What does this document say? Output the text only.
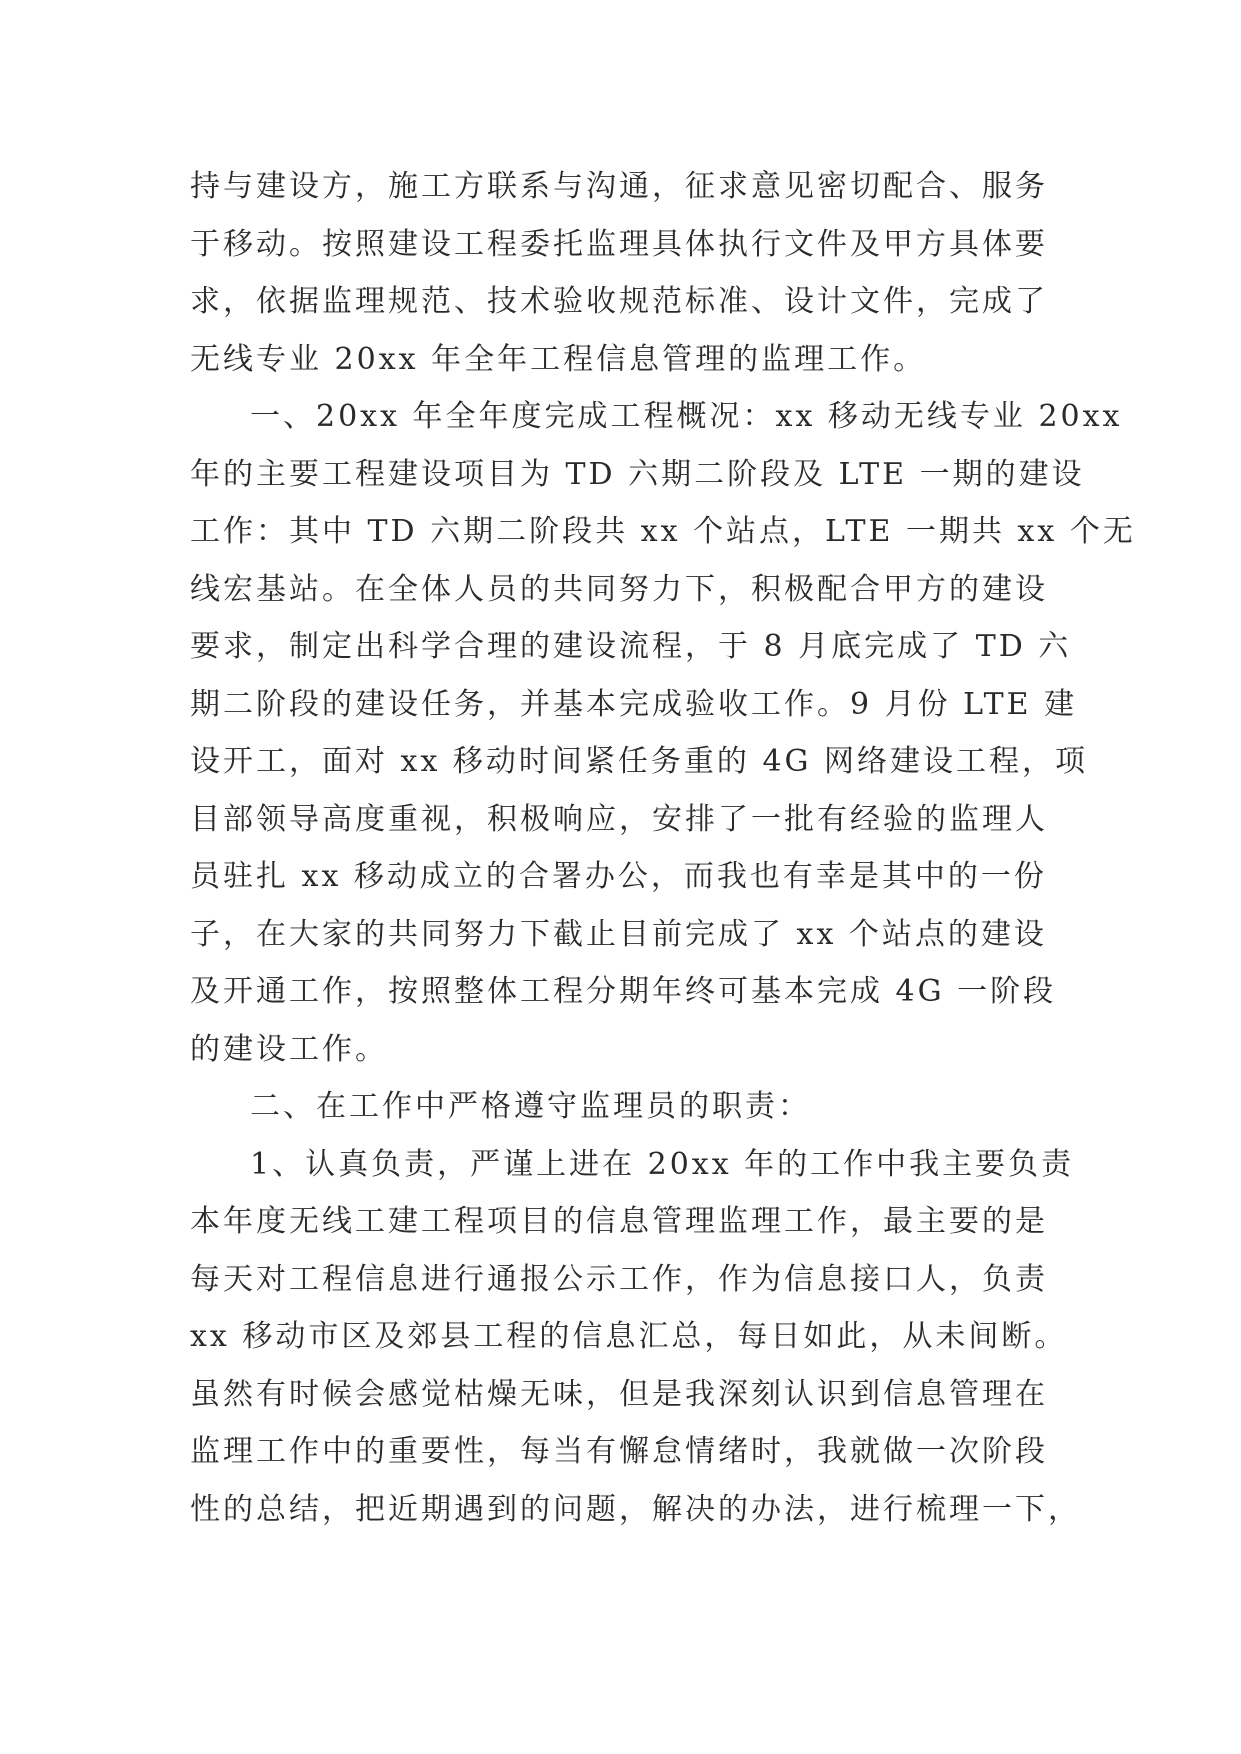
持与建设方，施工方联系与沟通，征求意见密切配合、服务
于移动。按照建设工程委托监理具体执行文件及甲方具体要
求，依据监理规范、技术验收规范标准、设计文件，完成了
无线专业 20xx 年全年工程信息管理的监理工作。
一、20xx 年全年度完成工程概况：xx 移动无线专业 20xx
年的主要工程建设项目为 TD 六期二阶段及 LTE 一期的建设
工作：其中 TD 六期二阶段共 xx 个站点，LTE 一期共 xx 个无
线宏基站。在全体人员的共同努力下，积极配合甲方的建设
要求，制定出科学合理的建设流程，于 8 月底完成了 TD 六
期二阶段的建设任务，并基本完成验收工作。9 月份 LTE 建
设开工，面对 xx 移动时间紧任务重的 4G 网络建设工程，项
目部领导高度重视，积极响应，安排了一批有经验的监理人
员驻扎 xx 移动成立的合署办公，而我也有幸是其中的一份
子，在大家的共同努力下截止目前完成了 xx 个站点的建设
及开通工作，按照整体工程分期年终可基本完成 4G 一阶段
的建设工作。
二、在工作中严格遵守监理员的职责：
1、认真负责，严谨上进在 20xx 年的工作中我主要负责
本年度无线工建工程项目的信息管理监理工作，最主要的是
每天对工程信息进行通报公示工作，作为信息接口人，负责
xx 移动市区及郊县工程的信息汇总，每日如此，从未间断。
虽然有时候会感觉枯燥无味，但是我深刻认识到信息管理在
监理工作中的重要性，每当有懈怠情绪时，我就做一次阶段
性的总结，把近期遇到的问题，解决的办法，进行梳理一下，
